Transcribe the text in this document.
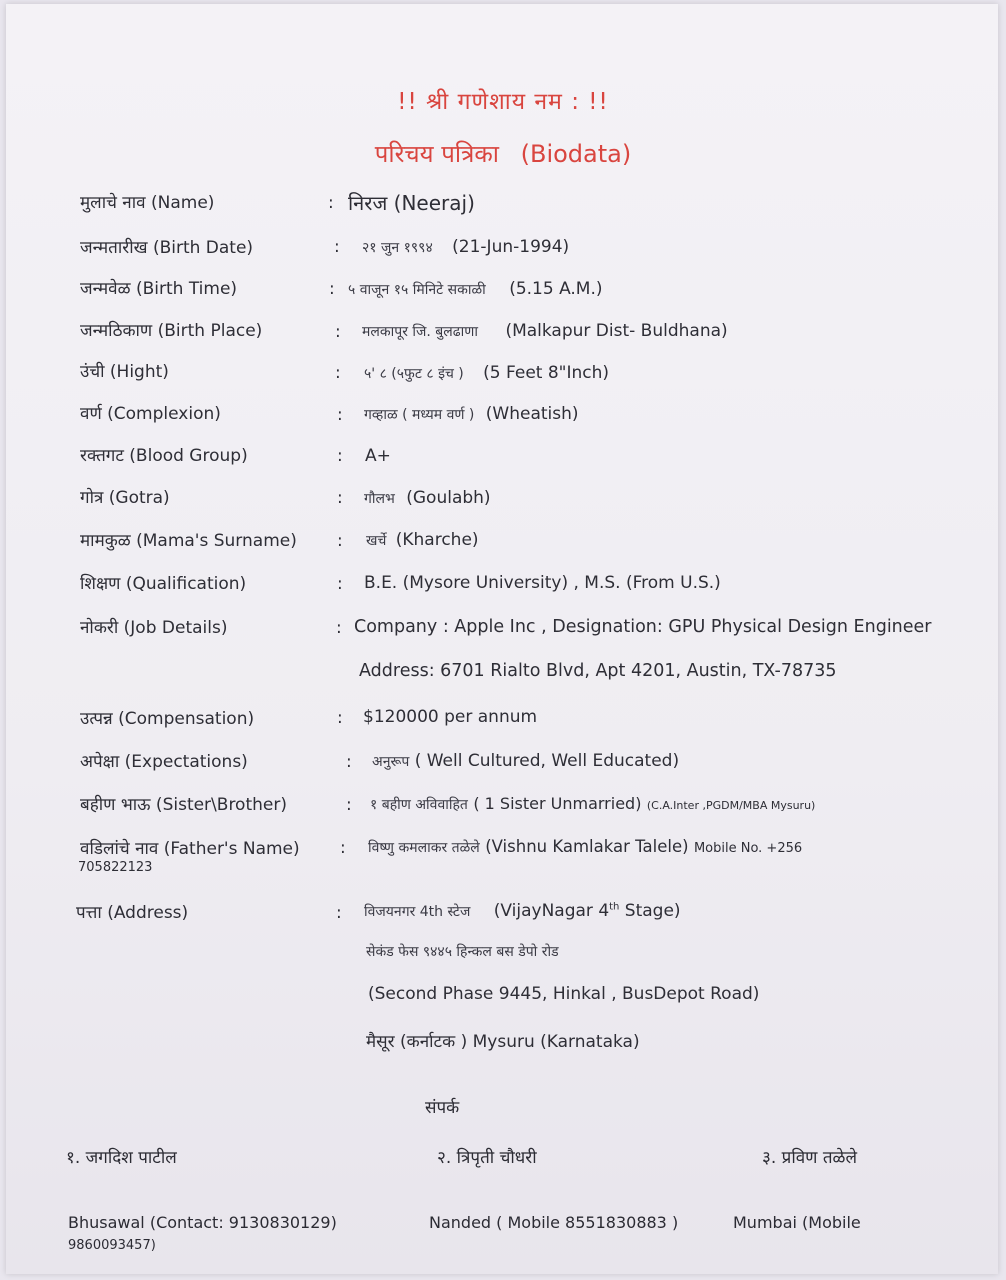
!! श्री गणेशाय नम : !!
परिचय पत्रिका (Biodata)
मुलाचे नाव (Name)	: निरज (Neeraj)
जन्मतारीख (Birth Date)	: २१ जुन १९९४ (21-Jun-1994)
जन्मवेळ (Birth Time)	: ५ वाजून १५ मिनिटे सकाळी (5.15 A.M.)
जन्मठिकाण (Birth Place)	: मलकापूर जि. बुलढाणा (Malkapur Dist- Buldhana)
उंची (Hight)	: ५' ८ (५फुट ८ इंच ) (5 Feet 8"Inch)
वर्ण (Complexion)	: गव्हाळ ( मध्यम वर्ण ) (Wheatish)
रक्तगट (Blood Group)	: A+
गोत्र (Gotra)	: गौलभ (Goulabh)
मामकुळ (Mama's Surname) : खर्चे (Kharche)
शिक्षण (Qualification)	: B.E. (Mysore University) , M.S. (From U.S.)
नोकरी (Job Details)	: Company : Apple Inc , Designation: GPU Physical Design Engineer
Address: 6701 Rialto Blvd, Apt 4201, Austin, TX-78735
उत्पन्न (Compensation)	: $120000 per annum
अपेक्षा (Expectations)	: अनुरूप ( Well Cultured, Well Educated)
बहीण भाऊ (Sister\Brother)	: १ बहीण अविवाहित ( 1 Sister Unmarried) (C.A.Inter ,PGDM/MBA Mysuru)
वडिलांचे नाव (Father's Name) : विष्णु कमलाकर तळेले (Vishnu Kamlakar Talele) Mobile No. +256
705822123
पत्ता (Address)	: विजयनगर 4th स्टेज (VijayNagar 4th Stage)
सेकंड फेस ९४४५ हिन्कल बस डेपो रोड
(Second Phase 9445, Hinkal , BusDepot Road)
मैसूर (कर्नाटक ) Mysuru (Karnataka)
संपर्क
१. जगदिश पाटील	२. त्रिपृती चौधरी	३. प्रविण तळेले
Bhusawal (Contact: 9130830129)	Nanded ( Mobile 8551830883 )	Mumbai (Mobile
9860093457)
